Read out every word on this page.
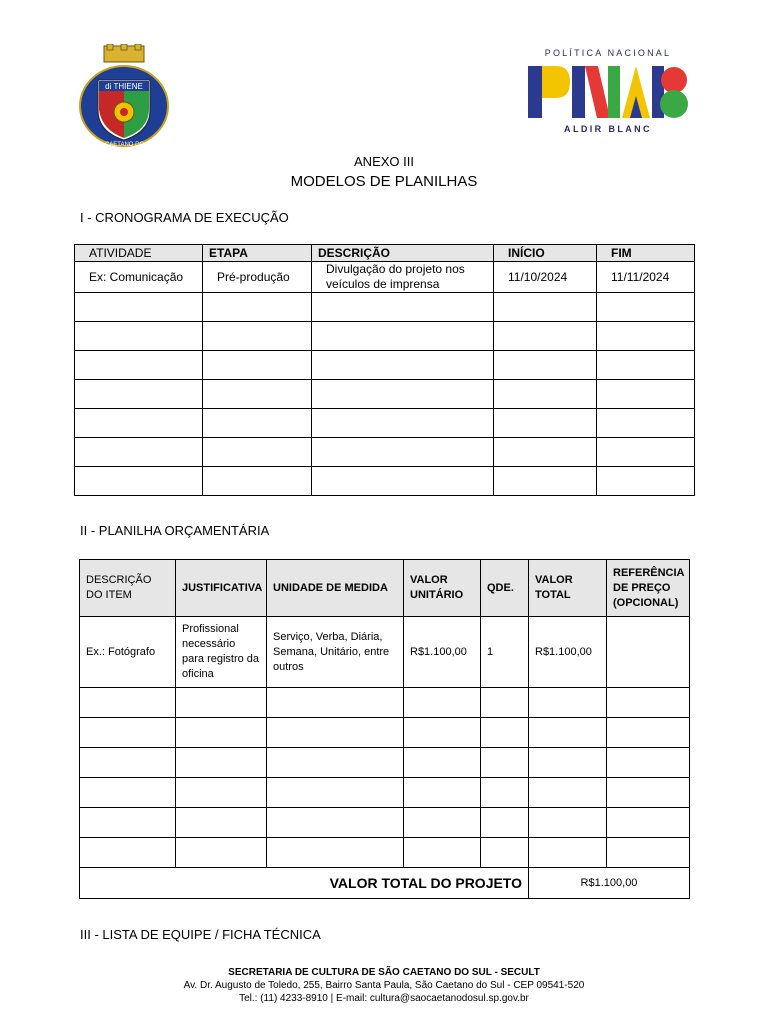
di THIENE
SÃO CAETANO DO SUL
POLÍTICA NACIONAL
ALDIR BLANC
ANEXO III
MODELOS DE PLANILHAS
I - CRONOGRAMA DE EXECUÇÃO
ATIVIDADE	ETAPA	DESCRIÇÃO	INÍCIO	FIM
Ex: Comunicação	Pré-produção	Divulgação do projeto nos veículos de imprensa	11/10/2024	11/11/2024

II - PLANILHA ORÇAMENTÁRIA
DESCRIÇÃO DO ITEM	JUSTIFICATIVA	UNIDADE DE MEDIDA	VALOR UNITÁRIO	QDE.	VALOR TOTAL	REFERÊNCIA DE PREÇO (OPCIONAL)
Ex.: Fotógrafo	Profissional necessário para registro da oficina	Serviço, Verba, Diária, Semana, Unitário, entre outros	R$1.100,00	1	R$1.100,00	

VALOR TOTAL DO PROJETO					R$1.100,00	
III - LISTA DE EQUIPE / FICHA TÉCNICA
SECRETARIA DE CULTURA DE SÃO CAETANO DO SUL - SECULT
Av. Dr. Augusto de Toledo, 255, Bairro Santa Paula, São Caetano do Sul - CEP 09541-520
Tel.: (11) 4233-8910 | E-mail: cultura@saocaetanodosul.sp.gov.br
